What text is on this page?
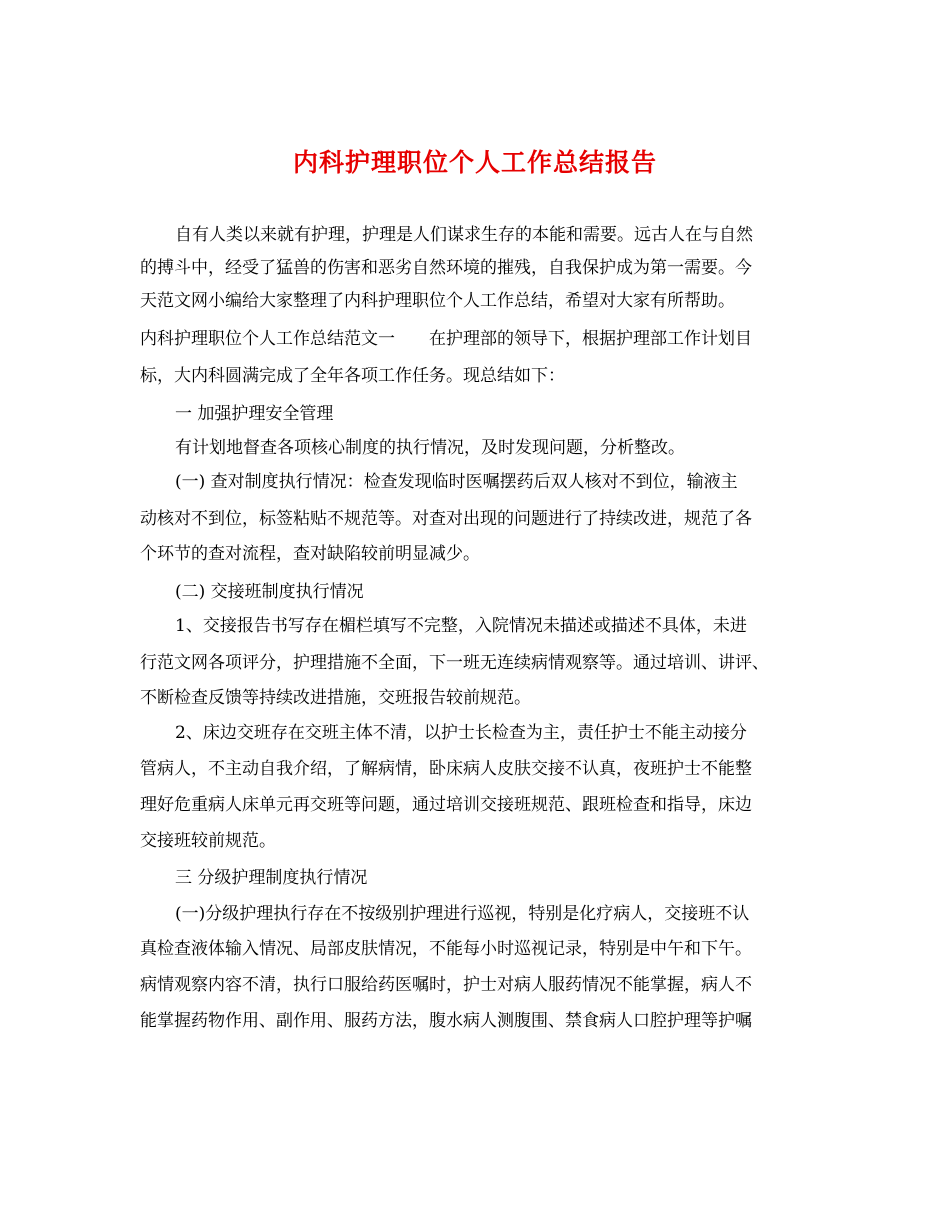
内科护理职位个人工作总结报告
自有人类以来就有护理，护理是人们谋求生存的本能和需要。远古人在与自然
的搏斗中，经受了猛兽的伤害和恶劣自然环境的摧残，自我保护成为第一需要。今
天范文网小编给大家整理了内科护理职位个人工作总结，希望对大家有所帮助。
内科护理职位个人工作总结范文一　　在护理部的领导下，根据护理部工作计划目
标，大内科圆满完成了全年各项工作任务。现总结如下：
一 加强护理安全管理
有计划地督查各项核心制度的执行情况，及时发现问题，分析整改。
(一) 查对制度执行情况：检查发现临时医嘱摆药后双人核对不到位，输液主
动核对不到位，标签粘贴不规范等。对查对出现的问题进行了持续改进，规范了各
个环节的查对流程，查对缺陷较前明显减少。
(二) 交接班制度执行情况
1、交接报告书写存在楣栏填写不完整，入院情况未描述或描述不具体，未进
行范文网各项评分，护理措施不全面，下一班无连续病情观察等。通过培训、讲评、
不断检查反馈等持续改进措施，交班报告较前规范。
2、床边交班存在交班主体不清，以护士长检查为主，责任护士不能主动接分
管病人，不主动自我介绍，了解病情，卧床病人皮肤交接不认真，夜班护士不能整
理好危重病人床单元再交班等问题，通过培训交接班规范、跟班检查和指导，床边
交接班较前规范。
三 分级护理制度执行情况
(一)分级护理执行存在不按级别护理进行巡视，特别是化疗病人，交接班不认
真检查液体输入情况、局部皮肤情况，不能每小时巡视记录，特别是中午和下午。
病情观察内容不清，执行口服给药医嘱时，护士对病人服药情况不能掌握，病人不
能掌握药物作用、副作用、服药方法，腹水病人测腹围、禁食病人口腔护理等护嘱
